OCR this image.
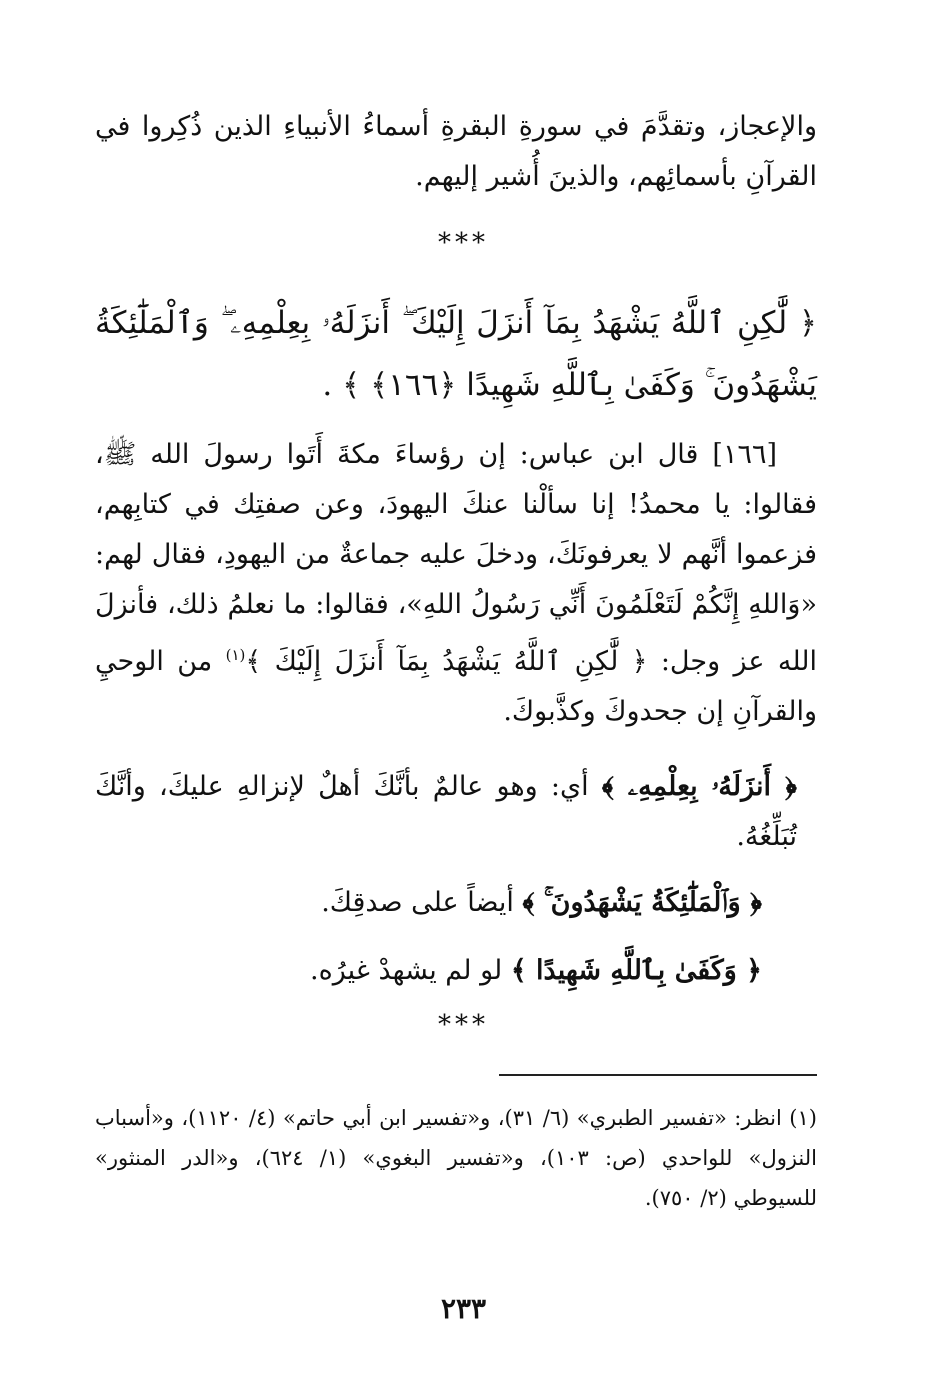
والإعجاز، وتقدَّمَ في سورةِ البقرةِ أسماءُ الأنبياءِ الذين ذُكِروا في القرآنِ بأسمائِهم، والذينَ أُشير إليهم.

***

﴿ لَّٰكِنِ ٱللَّهُ يَشْهَدُ بِمَآ أَنزَلَ إِلَيْكَ ۖ أَنزَلَهُۥ بِعِلْمِهِۦ ۖ وَٱلْمَلَٰٓئِكَةُ يَشْهَدُونَ ۚ وَكَفَىٰ بِٱللَّهِ شَهِيدًا ﴿١٦٦﴾ ﴾ .

[١٦٦] قال ابن عباس: إن رؤساءَ مكةَ أَتَوا رسولَ الله ﷺ، فقالوا: يا محمدُ! إنا سألْنا عنكَ اليهودَ، وعن صفتِك في كتابِهم، فزعموا أنَّهم لا يعرفونَكَ، ودخلَ عليه جماعةٌ من اليهودِ، فقال لهم: «وَاللهِ إِنَّكُمْ لَتَعْلَمُونَ أَنِّي رَسُولُ اللهِ»، فقالوا: ما نعلمُ ذلك، فأنزلَ الله عز وجل: ﴿ لَّٰكِنِ ٱللَّهُ يَشْهَدُ بِمَآ أَنزَلَ إِلَيْكَ ﴾$^{(١)}$ من الوحيِ والقرآنِ إن جحدوكَ وكذَّبوكَ.
﴿ أَنزَلَهُۥ بِعِلْمِهِۦ ﴾ أي: وهو عالمٌ بأنَّكَ أهلٌ لإنزالهِ عليكَ، وأنَّكَ تُبَلِّغُهُ.
﴿ وَٱلْمَلَٰٓئِكَةُ يَشْهَدُونَ ۚ ﴾ أيضاً على صدقِكَ.
﴿ وَكَفَىٰ بِٱللَّهِ شَهِيدًا ﴾ لو لم يشهدْ غيرُه.
***

(١) انظر: «تفسير الطبري» (٦/ ٣١)، و«تفسير ابن أبي حاتم» (٤/ ١١٢٠)، و«أسباب النزول» للواحدي (ص: ١٠٣)، و«تفسير البغوي» (١/ ٦٢٤)، و«الدر المنثور» للسيوطي (٢/ ٧٥٠).

٢٣٣
